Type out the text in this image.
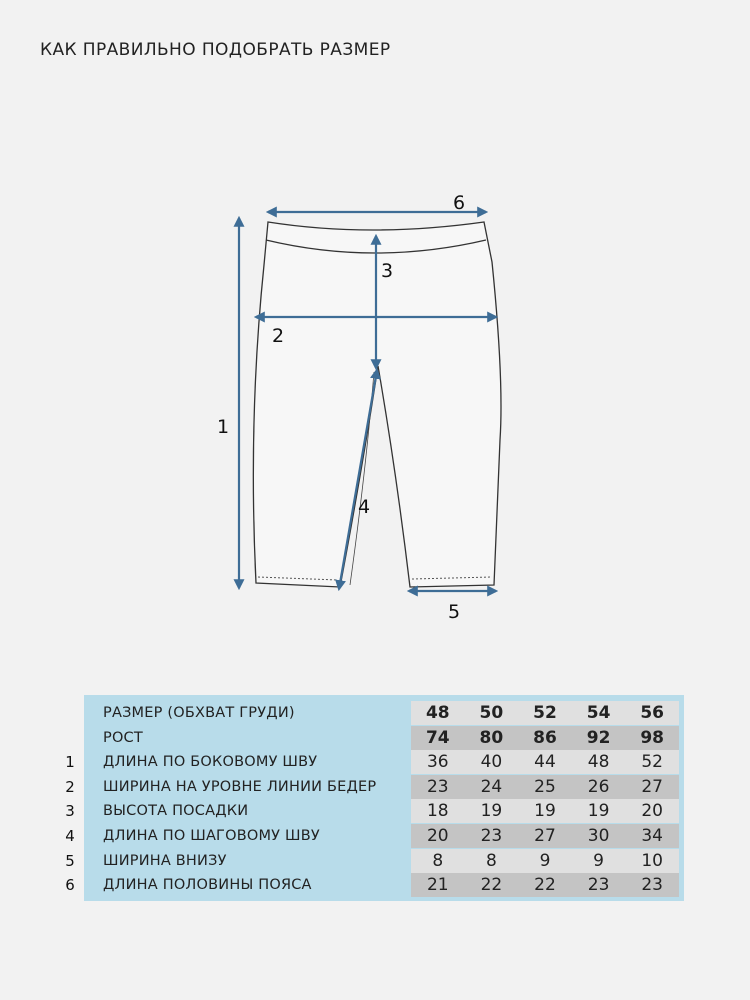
КАК ПРАВИЛЬНО ПОДОБРАТЬ РАЗМЕР
1
2
3
4
5
6
РАЗМЕР (ОБХВАТ ГРУДИ)	48	50	52	54	56
РОСТ	74	80	86	92	98
1 ДЛИНА ПО БОКОВОМУ ШВУ	36	40	44	48	52
2 ШИРИНА НА УРОВНЕ ЛИНИИ БЕДЕР	23	24	25	26	27
3 ВЫСОТА ПОСАДКИ	18	19	19	19	20
4 ДЛИНА ПО ШАГОВОМУ ШВУ	20	23	27	30	34
5 ШИРИНА ВНИЗУ	8	8	9	9	10
6 ДЛИНА ПОЛОВИНЫ ПОЯСА	21	22	22	23	23
